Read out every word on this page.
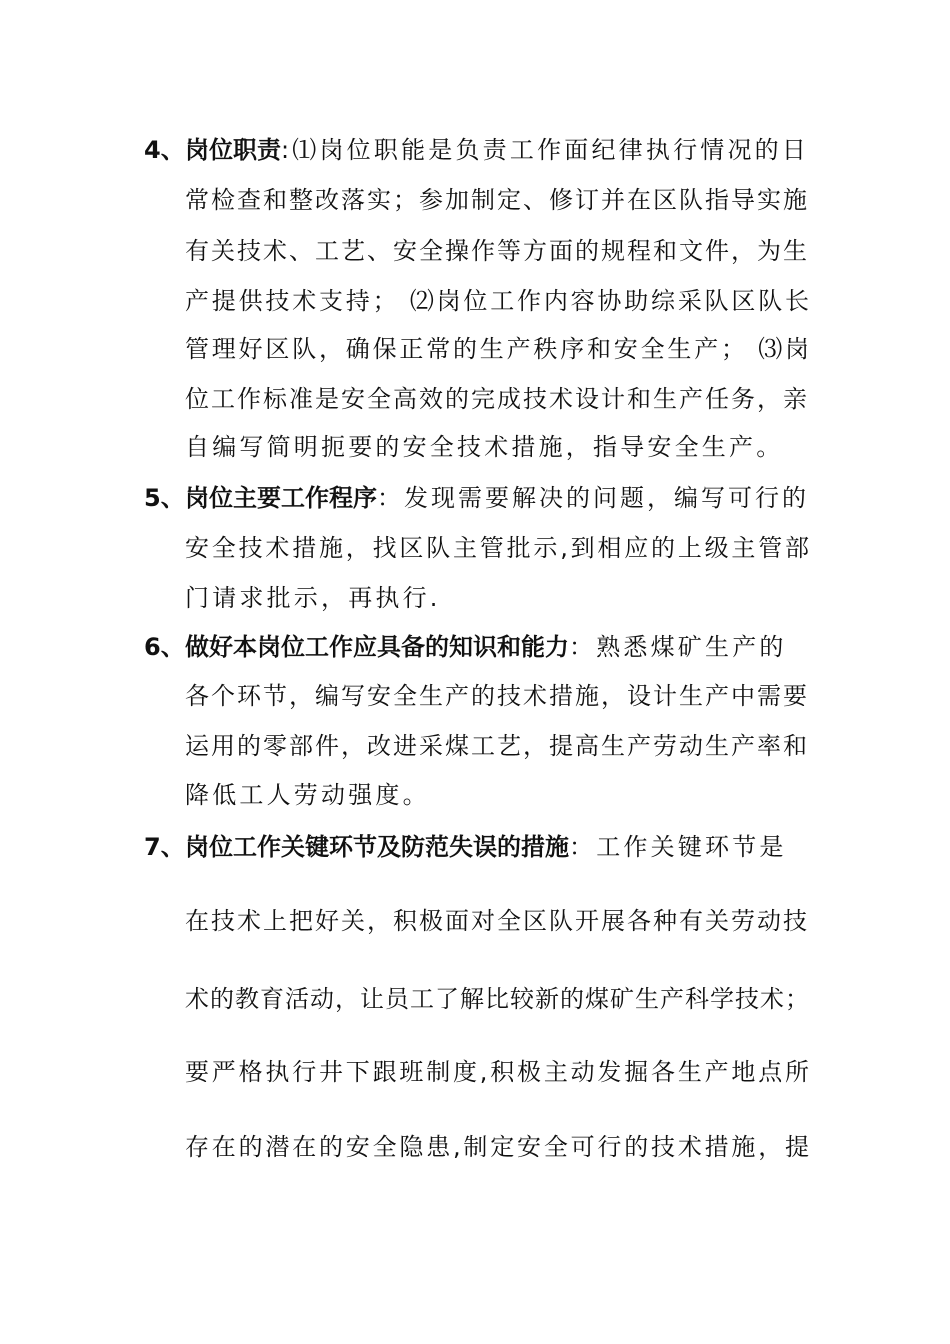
4、 岗位职责:⑴岗位职能是负责工作面纪律执行情况的日
常检查和整改落实；参加制定、修订并在区队指导实施
有关技术、工艺、安全操作等方面的规程和文件，为生
产提供技术支持； ⑵岗位工作内容协助综采队区队长
管理好区队，确保正常的生产秩序和安全生产； ⑶岗
位工作标准是安全高效的完成技术设计和生产任务，亲
自编写简明扼要的安全技术措施，指导安全生产。
5、 岗位主要工作程序：发现需要解决的问题，编写可行的
安全技术措施，找区队主管批示,到相应的上级主管部
门请求批示，再执行.
6、 做好本岗位工作应具备的知识和能力：熟悉煤矿生产的
各个环节，编写安全生产的技术措施，设计生产中需要
运用的零部件，改进采煤工艺，提高生产劳动生产率和
降低工人劳动强度。
7、 岗位工作关键环节及防范失误的措施：工作关键环节是
在技术上把好关，积极面对全区队开展各种有关劳动技
术的教育活动，让员工了解比较新的煤矿生产科学技术；
要严格执行井下跟班制度,积极主动发掘各生产地点所
存在的潜在的安全隐患,制定安全可行的技术措施，提
